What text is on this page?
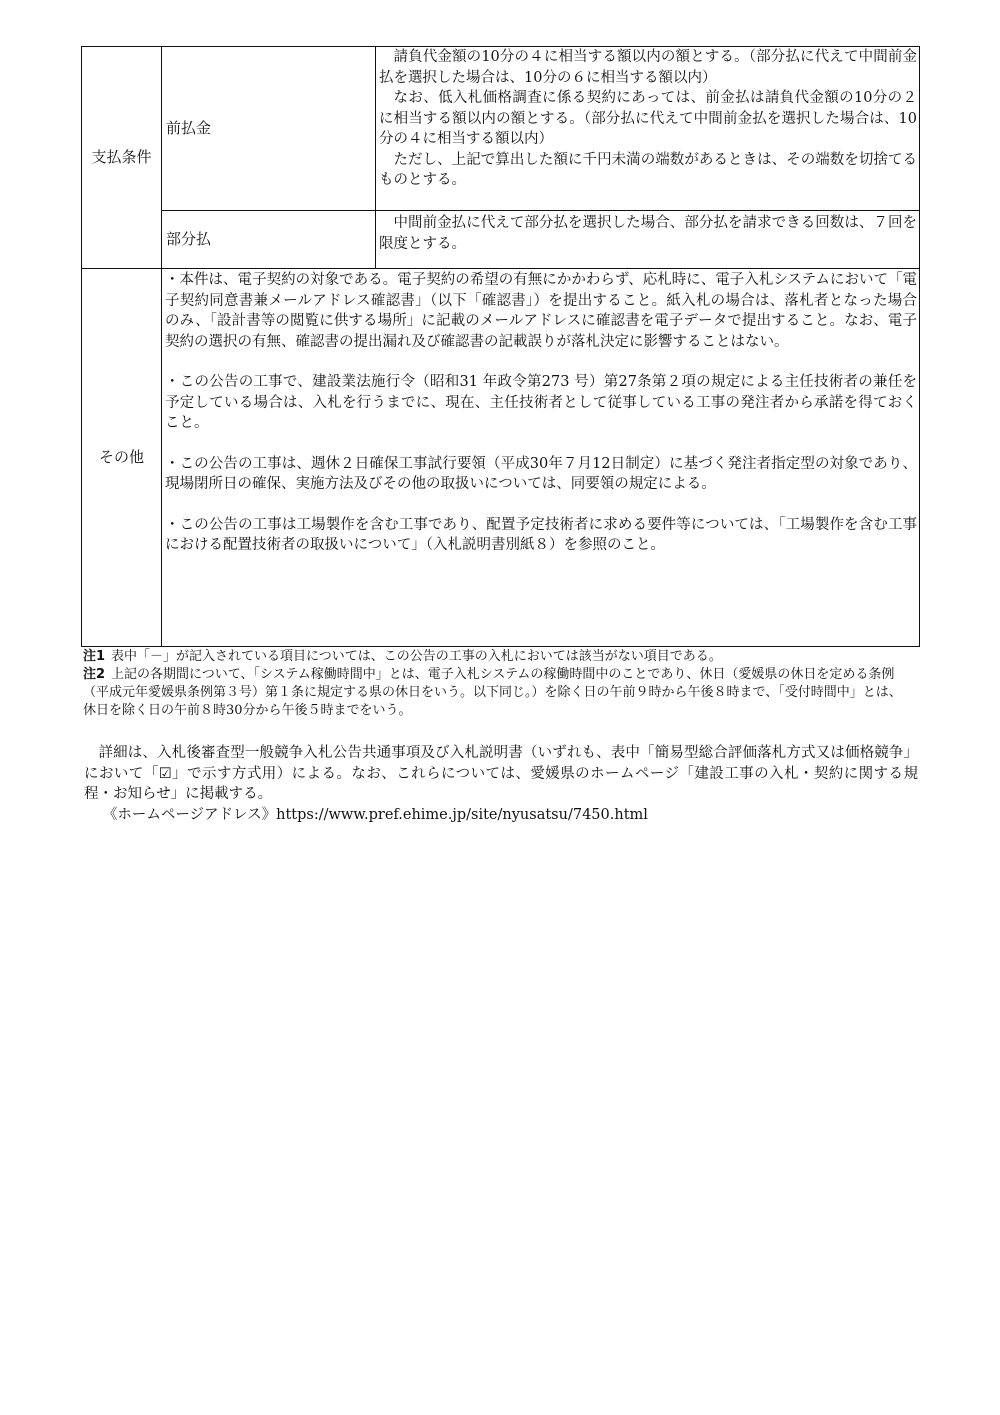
支払条件	前払金	請負代金額の10分の４に相当する額以内の額とする。（部分払に代えて中間前金払を選択した場合は、10分の６に相当する額以内）

なお、低入札価格調査に係る契約にあっては、前金払は請負代金額の10分の２に相当する額以内の額とする。（部分払に代えて中間前金払を選択した場合は、10分の４に相当する額以内）

ただし、上記で算出した額に千円未満の端数があるときは、その端数を切捨てるものとする。

	部分払	中間前金払に代えて部分払を選択した場合、部分払を請求できる回数は、７回を限度とする。

その他	・本件は、電子契約の対象である。電子契約の希望の有無にかかわらず、応札時に、電子入札システムにおいて「電子契約同意書兼メールアドレス確認書」（以下「確認書」）を提出すること。紙入札の場合は、落札者となった場合のみ、「設計書等の閲覧に供する場所」に記載のメールアドレスに確認書を電子データで提出すること。なお、電子契約の選択の有無、確認書の提出漏れ及び確認書の記載誤りが落札決定に影響することはない。

・この公告の工事で、建設業法施行令（昭和31 年政令第273 号）第27条第２項の規定による主任技術者の兼任を予定している場合は、入札を行うまでに、現在、主任技術者として従事している工事の発注者から承諾を得ておくこと。

・この公告の工事は、週休２日確保工事試行要領（平成30年７月12日制定）に基づく発注者指定型の対象であり、現場閉所日の確保、実施方法及びその他の取扱いについては、同要領の規定による。

・この公告の工事は工場製作を含む工事であり、配置予定技術者に求める要件等については、「工場製作を含む工事における配置技術者の取扱いについて」（入札説明書別紙８）を参照のこと。	

注1 表中「－」が記入されている項目については、この公告の工事の入札においては該当がない項目である。

注2 上記の各期間について、「システム稼働時間中」とは、電子入札システムの稼働時間中のことであり、休日（愛媛県の休日を定める条例（平成元年愛媛県条例第３号）第１条に規定する県の休日をいう。以下同じ。）を除く日の午前９時から午後８時まで、「受付時間中」とは、休日を除く日の午前８時30分から午後５時までをいう。

詳細は、入札後審査型一般競争入札公告共通事項及び入札説明書（いずれも、表中「簡易型総合評価落札方式又は価格競争」において「☑」で示す方式用）による。なお、これらについては、愛媛県のホームページ「建設工事の入札・契約に関する規程・お知らせ」に掲載する。

《ホームページアドレス》https://www.pref.ehime.jp/site/nyusatsu/7450.html
